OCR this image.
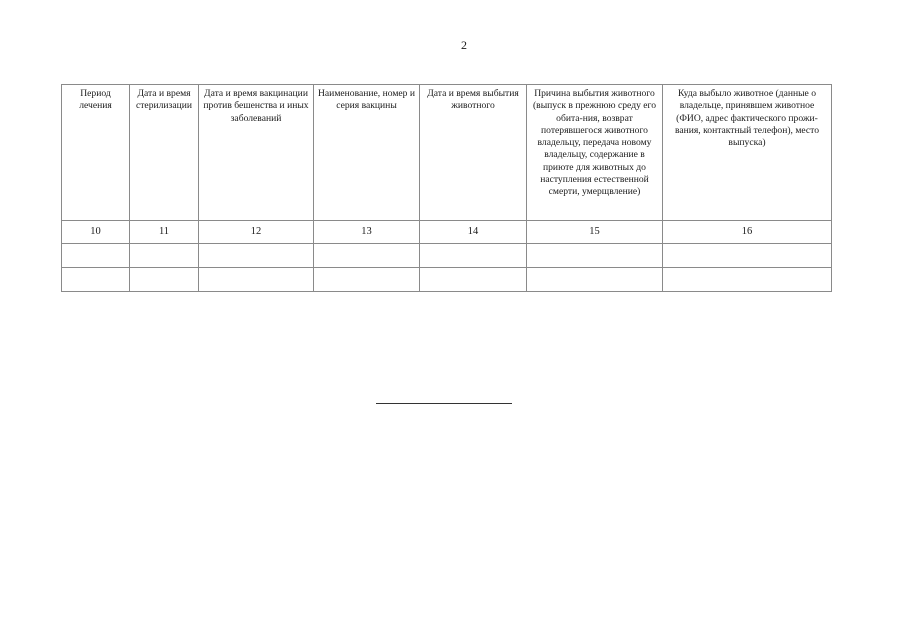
2
Период лечения	Дата и время стерилизации	Дата и время вакцинации против бешенства и иных заболеваний	Наименование, номер и серия вакцины	Дата и время выбытия животного	Причина выбытия животного (выпуск в прежнюю среду его обита-ния, возврат потерявшегося животного владельцу, передача новому владельцу, содержание в приюте для животных до наступления естественной смерти, умерщвление)	Куда выбыло животное (данные о владельце, принявшем животное (ФИО, адрес фактического прожи-вания, контактный телефон), место выпуска)
10	11	12	13	14	15	16
